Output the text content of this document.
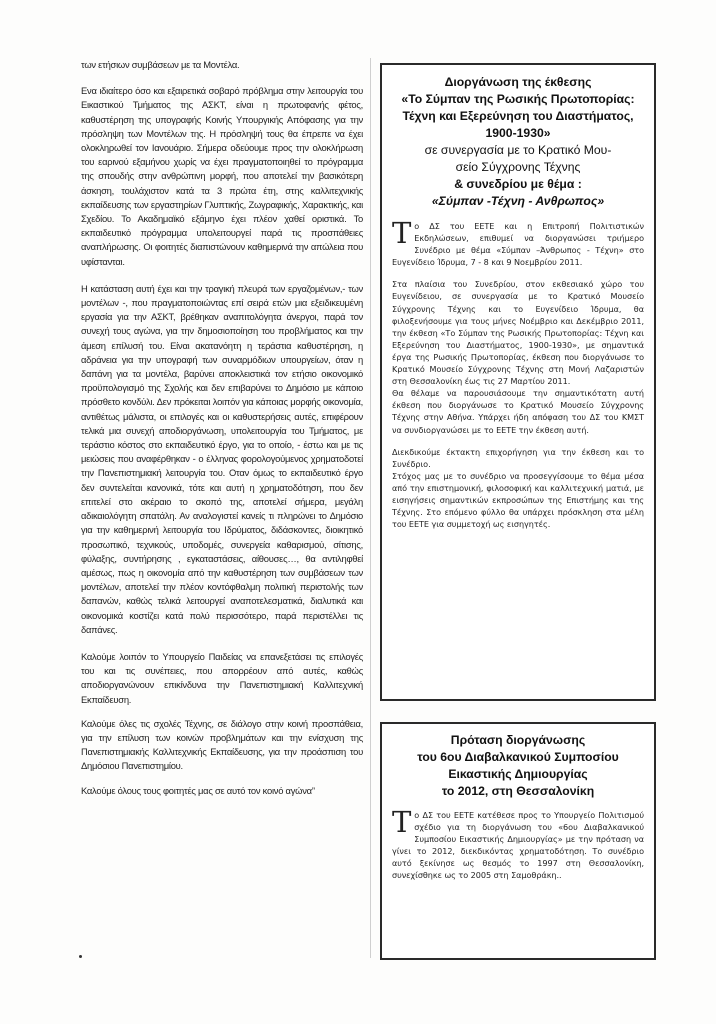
των ετήσιων συμβάσεων με τα Μοντέλα.

Ενα ιδιαίτερο όσο και εξαιρετικά σοβαρό πρόβλημα στην λειτουργία του Εικαστικού Τμήματος της ΑΣΚΤ, είναι η πρωτοφανής φέτος, καθυστέρηση της υπογραφής Κοινής Υπουργικής Απόφασης για την πρόσληψη των Μοντέλων της. Η πρόσληψή τους θα έπρεπε να έχει ολοκληρωθεί τον Ιανουάριο. Σήμερα οδεύουμε προς την ολοκλήρωση του εαρινού εξαμήνου χωρίς να έχει πραγματοποιηθεί το πρόγραμμα της σπουδής στην ανθρώπινη μορφή, που αποτελεί την βασικότερη άσκηση, τουλάχιστον κατά τα 3 πρώτα έτη, στης καλλιτεχνικής εκπαίδευσης των εργαστηρίων Γλυπτικής, Ζωγραφικής, Χαρακτικής, και Σχεδίου. Το Ακαδημαϊκό εξάμηνο έχει πλέον χαθεί οριστικά. Το εκπαιδευτικό πρόγραμμα υπολειτουργεί παρά τις προσπάθειες αναπλήρωσης. Οι φοιτητές διαπιστώνουν καθημερινά την απώλεια που υφίστανται.

Η κατάσταση αυτή έχει και την τραγική πλευρά των εργαζομένων,- των μοντέλων -, που πραγματοποιώντας επί σειρά ετών μια εξειδικευμένη εργασία για την ΑΣΚΤ, βρέθηκαν αναπιτολόγητα άνεργοι, παρά τον συνεχή τους αγώνα, για την δημοσιοποίηση του προβλήματος και την άμεση επίλυσή του. Είναι ακατανόητη η τεράστια καθυστέρηση, η αδράνεια για την υπογραφή των συναρμόδιων υπουργείων, όταν η δαπάνη για τα μοντέλα, βαρύνει αποκλειστικά τον ετήσιο οικονομικό προϋπολογισμό της Σχολής και δεν επιβαρύνει το Δημόσιο με κάποιο πρόσθετο κονδύλι. Δεν πρόκειται λοιπόν για κάποιας μορφής οικονομία, αντιθέτως μάλιστα, οι επιλογές και οι καθυστερήσεις αυτές, επιφέρουν τελικά μια συνεχή αποδιοργάνωση, υπολειτουργία του Τμήματος, με τεράστιο κόστος στο εκπαιδευτικό έργο, για το οποίο, - έστω και με τις μειώσεις που αναφέρθηκαν - ο έλληνας φορολογούμενος χρηματοδοτεί την Πανεπιστημιακή λειτουργία του. Οταν όμως το εκπαιδευτικό έργο δεν συντελείται κανονικά, τότε και αυτή η χρηματοδότηση, που δεν επιτελεί στο ακέραιο το σκοπό της, αποτελεί σήμερα, μεγάλη αδικαιολόγητη σπατάλη. Αν αναλογιστεί κανείς τι πληρώνει το Δημόσιο για την καθημερινή λειτουργία του Ιδρύματος, διδάσκοντες, διοικητικό προσωπικό, τεχνικούς, υποδομές, συνεργεία καθαρισμού, σίτισης, φύλαξης, συντήρησης , εγκαταστάσεις, αίθουσες…, θα αντιληφθεί αμέσως, πως η οικονομία από την καθυστέρηση των συμβάσεων των μοντέλων, αποτελεί την πλέον κοντόφθαλμη πολιτική περιστολής των δαπανών, καθώς τελικά λειτουργεί αναποτελεσματικά, διαλυτικά και οικονομικά κοστίζει κατά πολύ περισσότερο, παρά περιστέλλει τις δαπάνες.

Καλούμε λοιπόν το Υπουργείο Παιδείας να επανεξετάσει τις επιλογές του και τις συνέπειες, που απορρέουν από αυτές, καθώς αποδιοργανώνουν επικίνδυνα την Πανεπιστημιακή Καλλιτεχνική Εκπαίδευση.

Καλούμε όλες τις σχολές Τέχνης, σε διάλογο στην κοινή προσπάθεια, για την επίλυση των κοινών προβλημάτων και την ενίσχυση της Πανεπιστημιακής Καλλιτεχνικής Εκπαίδευσης, για την προάσπιση του Δημόσιου Πανεπιστημίου.

Καλούμε όλους τους φοιτητές μας σε αυτό τον κοινό αγώνα”

Διοργάνωση της έκθεσης
«Το Σύμπαν της Ρωσικής Πρωτοπορίας:
Τέχνη και Εξερεύνηση του Διαστήματος,
1900-1930»
σε συνεργασία με το Κρατικό Μου-
σείο Σύγχρονης Τέχνης
& συνεδρίου με θέμα :
«Σύμπαν -Τέχνη - Ανθρωπος»

Το ΔΣ του ΕΕΤΕ και η Επιτροπή Πολιτιστικών Εκδηλώσεων, επιθυμεί να διοργανώσει τριήμερο Συνέδριο με θέμα «Σύμπαν –Άνθρωπος - Τέχνη» στο Ευγενίδειο Ίδρυμα, 7 - 8 και 9 Νοεμβρίου 2011.

Στα πλαίσια του Συνεδρίου, στον εκθεσιακό χώρο του Ευγενίδειου, σε συνεργασία με το Κρατικό Μουσείο Σύγχρονης Τέχνης και το Ευγενίδειο Ίδρυμα, θα φιλοξενήσουμε για τους μήνες Νοέμβριο και Δεκέμβριο 2011, την έκθεση «Το Σύμπαν της Ρωσικής Πρωτοπορίας: Τέχνη και Εξερεύνηση του Διαστήματος, 1900-1930», με σημαντικά έργα της Ρωσικής Πρωτοπορίας, έκθεση που διοργάνωσε το Κρατικό Μουσείο Σύγχρονης Τέχνης στη Μονή Λαζαριστών στη Θεσσαλονίκη έως τις 27 Μαρτίου 2011.

Θα θέλαμε να παρουσιάσουμε την σημαντικότατη αυτή έκθεση που διοργάνωσε το Κρατικό Μουσείο Σύγχρονης Τέχνης στην Αθήνα. Υπάρχει ήδη απόφαση του ΔΣ του ΚΜΣΤ να συνδιοργανώσει με το ΕΕΤΕ την έκθεση αυτή.

Διεκδικούμε έκτακτη επιχορήγηση για την έκθεση και το Συνέδριο.

Στόχος μας με το συνέδριο να προσεγγίσουμε το θέμα μέσα από την επιστημονική, φιλοσοφική και καλλιτεχνική ματιά, με εισηγήσεις σημαντικών εκπροσώπων της Επιστήμης και της Τέχνης. Στο επόμενο φύλλο θα υπάρχει πρόσκληση στα μέλη του ΕΕΤΕ για συμμετοχή ως εισηγητές.

Πρόταση διοργάνωσης
του 6ου Διαβαλκανικού Συμποσίου
Εικαστικής Δημιουργίας
το 2012, στη Θεσσαλονίκη

Το ΔΣ του ΕΕΤΕ κατέθεσε προς το Υπουργείο Πολιτισμού σχέδιο για τη διοργάνωση του «6ου Διαβαλκανικού Συμποσίου Εικαστικής Δημιουργίας» με την πρόταση να γίνει το 2012, διεκδικόντας χρηματοδότηση. Το συνέδριο αυτό ξεκίνησε ως θεσμός το 1997 στη Θεσσαλονίκη, συνεχίσθηκε ως το 2005 στη Σαμοθράκη..
